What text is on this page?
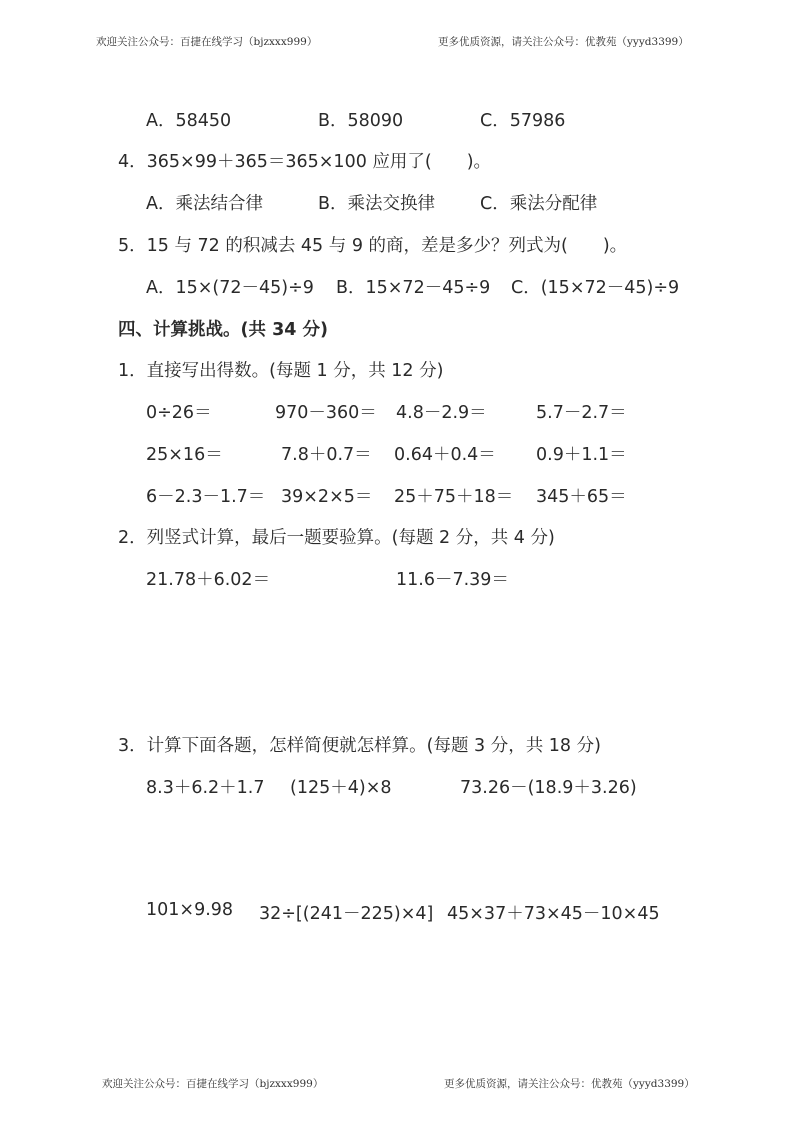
欢迎关注公众号：百捷在线学习（bjzxxx999）	更多优质资源，请关注公众号：优教苑（yyyd3399）
A．58450	B．58090	C．57986
4．365×99＋365＝365×100 应用了(　　)。
A．乘法结合律	B．乘法交换律	C．乘法分配律
5．15 与 72 的积减去 45 与 9 的商，差是多少？列式为(　　)。
A．15×(72－45)÷9 B．15×72－45÷9 C．(15×72－45)÷9
四、计算挑战。(共 34 分)
1．直接写出得数。(每题 1 分，共 12 分)
0÷26＝	970－360＝ 4.8－2.9＝	5.7－2.7＝
25×16＝	7.8＋0.7＝ 0.64＋0.4＝ 0.9＋1.1＝
6－2.3－1.7＝ 39×2×5＝ 25＋75＋18＝ 345＋65＝
2．列竖式计算，最后一题要验算。(每题 2 分，共 4 分)
21.78＋6.02＝	11.6－7.39＝
3．计算下面各题，怎样简便就怎样算。(每题 3 分，共 18 分)
8.3＋6.2＋1.7 (125＋4)×8	73.26－(18.9＋3.26)
101×9.98 32÷[(241－225)×4] 45×37＋73×45－10×45
欢迎关注公众号：百捷在线学习（bjzxxx999）	更多优质资源，请关注公众号：优教苑（yyyd3399）
